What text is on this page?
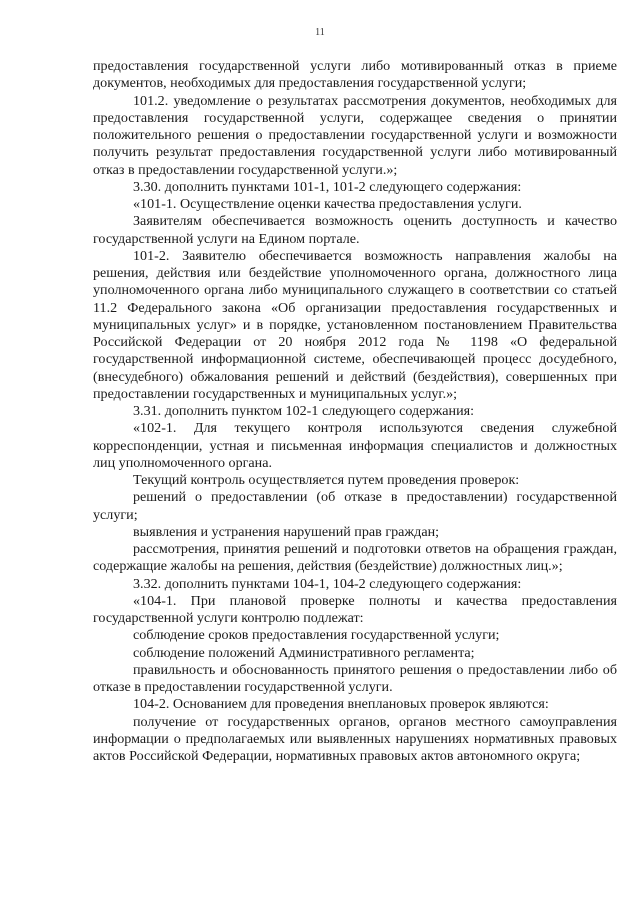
11

предоставления государственной услуги либо мотивированный отказ в приеме документов, необходимых для предоставления государственной услуги;

101.2. уведомление о результатах рассмотрения документов, необходимых для предоставления государственной услуги, содержащее сведения о принятии положительного решения о предоставлении государственной услуги и возможности получить результат предоставления государственной услуги либо мотивированный отказ в предоставлении государственной услуги.»;

3.30. дополнить пунктами 101-1, 101-2 следующего содержания:

«101-1. Осуществление оценки качества предоставления услуги.

Заявителям обеспечивается возможность оценить доступность и качество государственной услуги на Едином портале.

101-2. Заявителю обеспечивается возможность направления жалобы на решения, действия или бездействие уполномоченного органа, должностного лица уполномоченного органа либо муниципального служащего в соответствии со статьей 11.2 Федерального закона «Об организации предоставления государственных и муниципальных услуг» и в порядке, установленном постановлением Правительства Российской Федерации от 20 ноября 2012 года № 1198 «О федеральной государственной информационной системе, обеспечивающей процесс досудебного, (внесудебного) обжалования решений и действий (бездействия), совершенных при предоставлении государственных и муниципальных услуг.»;

3.31. дополнить пунктом 102-1 следующего содержания:

«102-1. Для текущего контроля используются сведения служебной корреспонденции, устная и письменная информация специалистов и должностных лиц уполномоченного органа.

Текущий контроль осуществляется путем проведения проверок:

решений о предоставлении (об отказе в предоставлении) государственной услуги;

выявления и устранения нарушений прав граждан;

рассмотрения, принятия решений и подготовки ответов на обращения граждан, содержащие жалобы на решения, действия (бездействие) должностных лиц.»;

3.32. дополнить пунктами 104-1, 104-2 следующего содержания:

«104-1. При плановой проверке полноты и качества предоставления государственной услуги контролю подлежат:

соблюдение сроков предоставления государственной услуги;

соблюдение положений Административного регламента;

правильность и обоснованность принятого решения о предоставлении либо об отказе в предоставлении государственной услуги.

104-2. Основанием для проведения внеплановых проверок являются:

получение от государственных органов, органов местного самоуправления информации о предполагаемых или выявленных нарушениях нормативных правовых актов Российской Федерации, нормативных правовых актов автономного округа;
